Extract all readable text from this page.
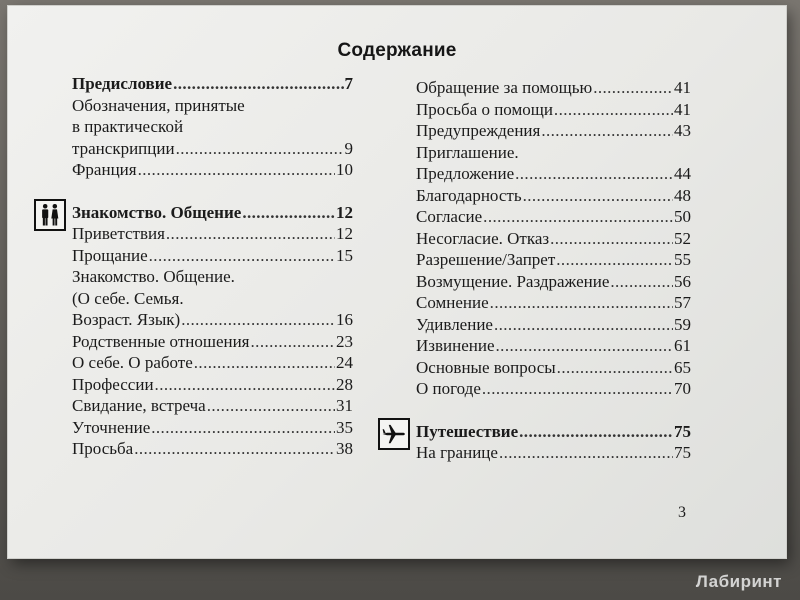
Содержание
Предисловие .....	7
Обозначения, принятые
в практической
транскрипции .....	9
Франция .....	10
Знакомство. Общение .....	12
Приветствия .....	12
Прощание .....	15
Знакомство. Общение.
(О себе. Семья.
Возраст. Язык) .....	16
Родственные отношения .....	23
О себе. О работе .....	24
Профессии .....	28
Свидание, встреча .....	31
Уточнение .....	35
Просьба .....	38
Обращение за помощью .....	41
Просьба о помощи .....	41
Предупреждения .....	43
Приглашение.
Предложение .....	44
Благодарность .....	48
Согласие .....	50
Несогласие. Отказ .....	52
Разрешение/Запрет .....	55
Возмущение. Раздражение .....	56
Сомнение .....	57
Удивление .....	59
Извинение .....	61
Основные вопросы .....	65
О погоде .....	70
Путешествие .....	75
На границе .....	75
3
Лабиринт
